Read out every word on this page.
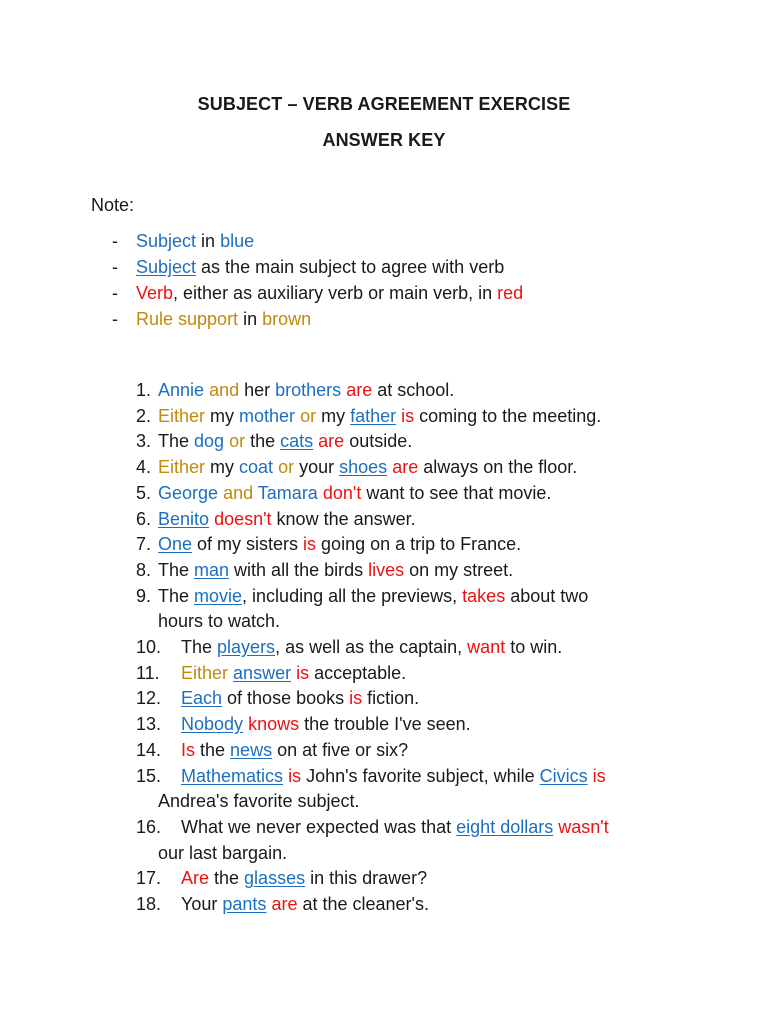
SUBJECT – VERB AGREEMENT EXERCISE
ANSWER KEY
Note:
- Subject in blue
- Subject as the main subject to agree with verb
- Verb, either as auxiliary verb or main verb, in red
- Rule support in brown
1. Annie and her brothers are at school.
2. Either my mother or my father is coming to the meeting.
3. The dog or the cats are outside.
4. Either my coat or your shoes are always on the floor.
5. George and Tamara don't want to see that movie.
6. Benito doesn't know the answer.
7. One of my sisters is going on a trip to France.
8. The man with all the birds lives on my street.
9. The movie, including all the previews, takes about two
hours to watch.
10. The players, as well as the captain, want to win.
11. Either answer is acceptable.
12. Each of those books is fiction.
13. Nobody knows the trouble I've seen.
14. Is the news on at five or six?
15. Mathematics is John's favorite subject, while Civics is
Andrea's favorite subject.
16. What we never expected was that eight dollars wasn't
our last bargain.
17. Are the glasses in this drawer?
18. Your pants are at the cleaner's.
